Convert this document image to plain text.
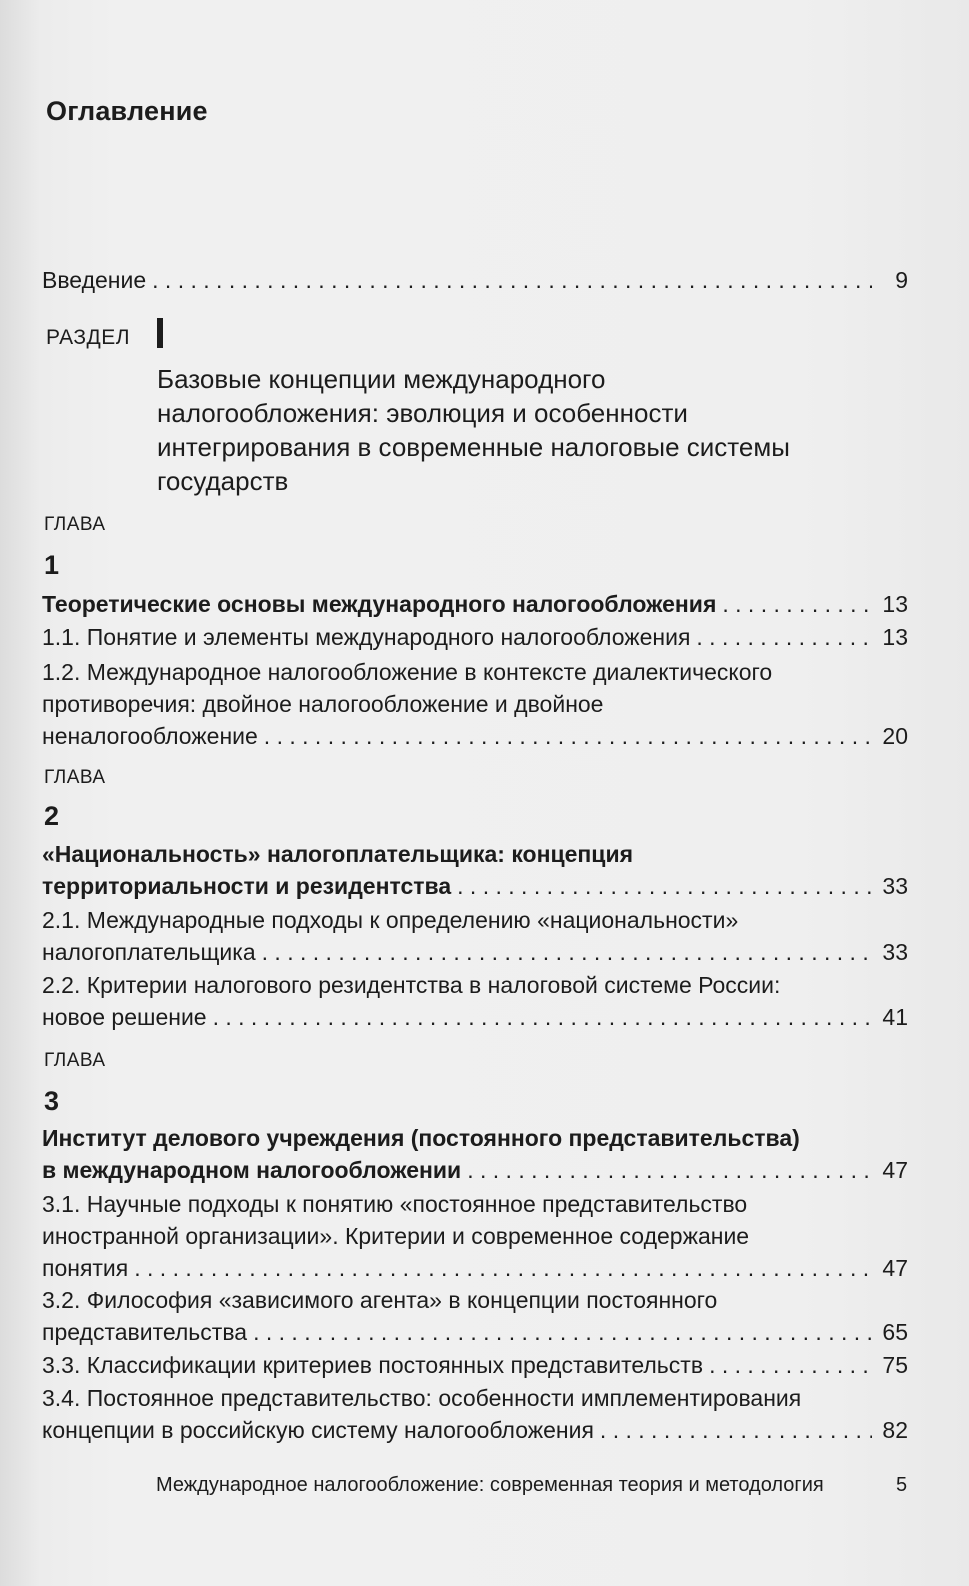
Оглавление
Введение . . .	9
РАЗДЕЛ
Базовые концепции международного
налогообложения: эволюция и особенности
интегрирования в современные налоговые системы
государств
ГЛАВА
1
Теоретические основы международного налогообложения . . .	13
1.1. Понятие и элементы международного налогообложения . . .	13
1.2. Международное налогообложение в контексте диалектического
противоречия: двойное налогообложение и двойное
неналогообложение . . .	20
ГЛАВА
2
«Национальность» налогоплательщика: концепция
территориальности и резидентства . . .	33
2.1. Международные подходы к определению «национальности»
налогоплательщика . . .	33
2.2. Критерии налогового резидентства в налоговой системе России:
новое решение . . .	41
ГЛАВА
3
Институт делового учреждения (постоянного представительства)
в международном налогообложении . . .	47
3.1. Научные подходы к понятию «постоянное представительство
иностранной организации». Критерии и современное содержание
понятия . . .	47
3.2. Философия «зависимого агента» в концепции постоянного
представительства . . .	65
3.3. Классификации критериев постоянных представительств . . .	75
3.4. Постоянное представительство: особенности имплементирования
концепции в российскую систему налогообложения . . .	82
Международное налогообложение: современная теория и методология	5
